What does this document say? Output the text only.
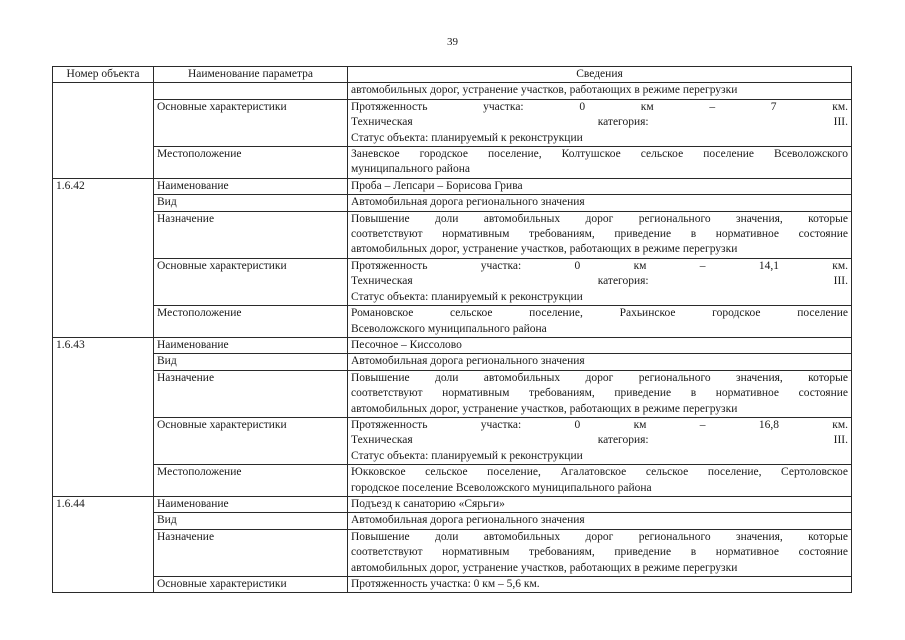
39
Номер объекта	Наименование параметра	Сведения

		автомобильных дорог, устранение участков, работающих в режиме перегрузки

	Основные характеристики	Протяженность участка: 0 км – 7 км.
Техническая категория: III.
Статус объекта: планируемый к реконструкции

	Местоположение	Заневское городское поселение, Колтушское сельское поселение Всеволожского
муниципального района

1.6.42	Наименование	Проба – Лепсари – Борисова Грива

	Вид	Автомобильная дорога регионального значения

	Назначение	Повышение доли автомобильных дорог регионального значения, которые
соответствуют нормативным требованиям, приведение в нормативное состояние
автомобильных дорог, устранение участков, работающих в режиме перегрузки

	Основные характеристики	Протяженность участка: 0 км – 14,1 км.
Техническая категория: III.
Статус объекта: планируемый к реконструкции

	Местоположение	Романовское сельское поселение, Рахьинское городское поселение
Всеволожского муниципального района

1.6.43	Наименование	Песочное – Киссолово

	Вид	Автомобильная дорога регионального значения

	Назначение	Повышение доли автомобильных дорог регионального значения, которые
соответствуют нормативным требованиям, приведение в нормативное состояние
автомобильных дорог, устранение участков, работающих в режиме перегрузки

	Основные характеристики	Протяженность участка: 0 км – 16,8 км.
Техническая категория: III.
Статус объекта: планируемый к реконструкции

	Местоположение	Юкковское сельское поселение, Агалатовское сельское поселение, Сертоловское
городское поселение Всеволожского муниципального района

1.6.44	Наименование	Подъезд к санаторию «Сярьги»

	Вид	Автомобильная дорога регионального значения

	Назначение	Повышение доли автомобильных дорог регионального значения, которые
соответствуют нормативным требованиям, приведение в нормативное состояние
автомобильных дорог, устранение участков, работающих в режиме перегрузки

	Основные характеристики	Протяженность участка: 0 км – 5,6 км.
